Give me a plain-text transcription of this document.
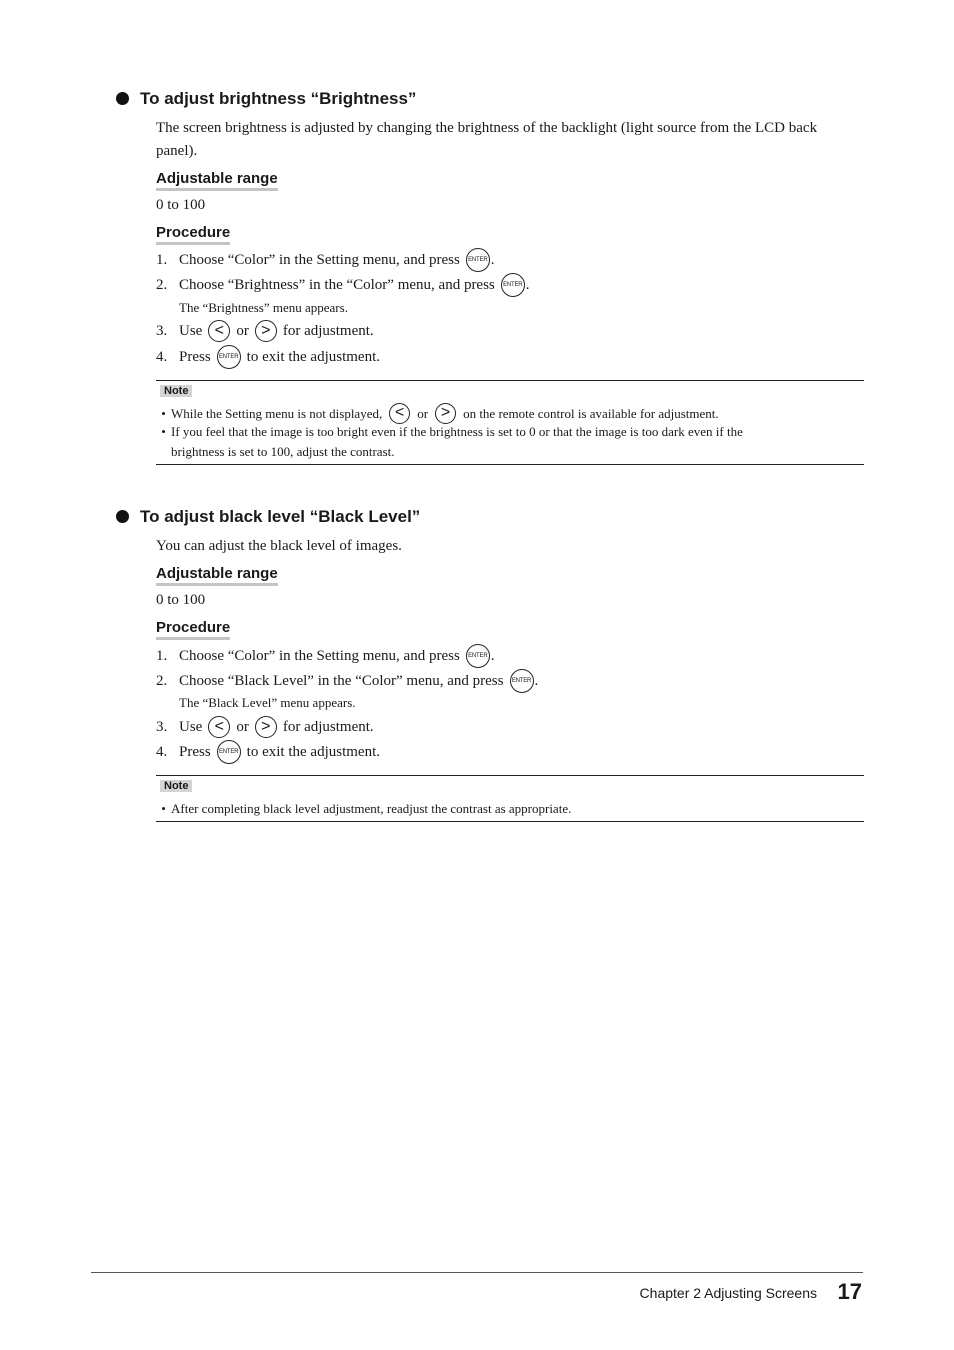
To adjust brightness “Brightness”
The screen brightness is adjusted by changing the brightness of the backlight (light source from the LCD back panel).
Adjustable range
0 to 100
Procedure
1. Choose “Color” in the Setting menu, and press	ENTER .
2. Choose “Brightness” in the “Color” menu, and press	ENTER .
The “Brightness” menu appears.
3. Use < or > for adjustment.
4. Press	ENTER to exit the adjustment.
Note
• While the Setting menu is not displayed, < or > on the remote control is available for adjustment.
• If you feel that the image is too bright even if the brightness is set to 0 or that the image is too dark even if the
brightness is set to 100, adjust the contrast.
To adjust black level “Black Level”
You can adjust the black level of images.
Adjustable range
0 to 100
Procedure
1. Choose “Color” in the Setting menu, and press	ENTER .
2. Choose “Black Level” in the “Color” menu, and press	ENTER .
The “Black Level” menu appears.
3. Use < or > for adjustment.
4. Press	ENTER to exit the adjustment.
Note
• After completing black level adjustment, readjust the contrast as appropriate.
Chapter 2 Adjusting Screens 17
